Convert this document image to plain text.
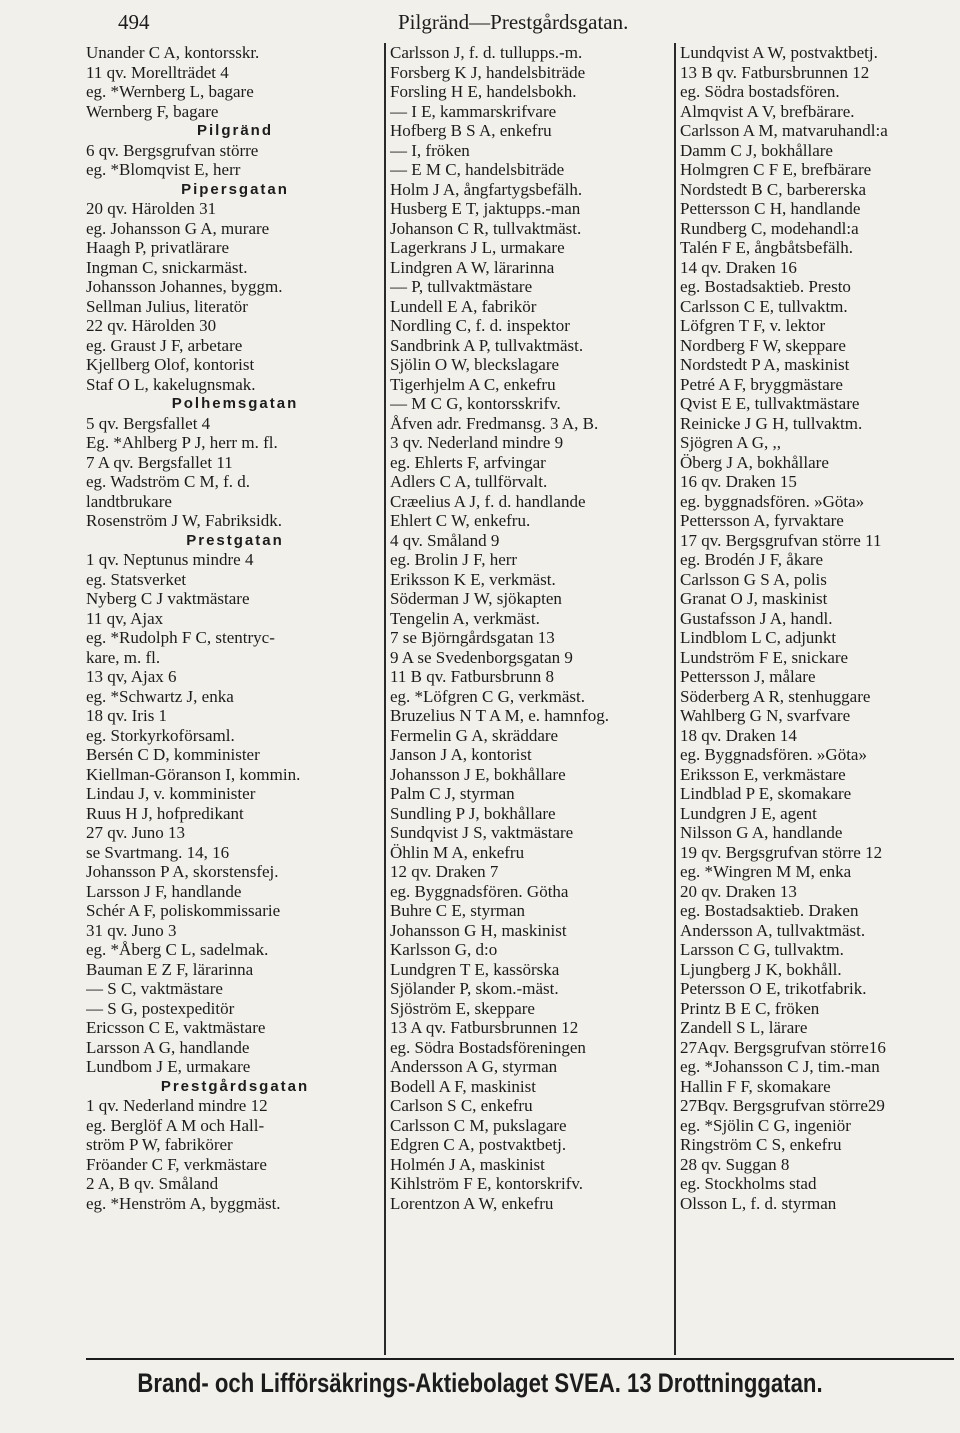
494	Pilgränd—Prestgårdsgatan.
Unander C A, kontorsskr.
11 qv. Morellträdet 4
eg. *Wernberg L, bagare
Wernberg F, bagare
Pilgränd
6 qv. Bergsgrufvan större
eg. *Blomqvist E, herr
Pipersgatan
20 qv. Härolden 31
eg. Johansson G A, murare
Haagh P, privatlärare
Ingman C, snickarmäst.
Johansson Johannes, byggm.
Sellman Julius, literatör
22 qv. Härolden 30
eg. Graust J F, arbetare
Kjellberg Olof, kontorist
Staf O L, kakelugnsmak.
Polhemsgatan
5 qv. Bergsfallet 4
Eg. *Ahlberg P J, herr m. fl.
7 A qv. Bergsfallet 11
eg. Wadström C M, f. d.
landtbrukare
Rosenström J W, Fabriksidk.
Prestgatan
1 qv. Neptunus mindre 4
eg. Statsverket
Nyberg C J vaktmästare
11 qv, Ajax
eg. *Rudolph F C, stentryc-
kare, m. fl.
13 qv, Ajax 6
eg. *Schwartz J, enka
18 qv. Iris 1
eg. Storkyrkoförsaml.
Bersén C D, komminister
Kiellman-Göranson I, kommin.
Lindau J, v. komminister
Ruus H J, hofpredikant
27 qv. Juno 13
se Svartmang. 14, 16
Johansson P A, skorstensfej.
Larsson J F, handlande
Schér A F, poliskommissarie
31 qv. Juno 3
eg. *Åberg C L, sadelmak.
Bauman E Z F, lärarinna
— S C, vaktmästare
— S G, postexpeditör
Ericsson C E, vaktmästare
Larsson A G, handlande
Lundbom J E, urmakare
Prestgårdsgatan
1 qv. Nederland mindre 12
eg. Berglöf A M och Hall-
ström P W, fabrikörer
Fröander C F, verkmästare
2 A, B qv. Småland
eg. *Henström A, byggmäst.
Carlsson J, f. d. tullupps.-m.
Forsberg K J, handelsbiträde
Forsling H E, handelsbokh.
— I E, kammarskrifvare
Hofberg B S A, enkefru
— I, fröken
— E M C, handelsbiträde
Holm J A, ångfartygsbefälh.
Husberg E T, jaktupps.-man
Johanson C R, tullvaktmäst.
Lagerkrans J L, urmakare
Lindgren A W, lärarinna
— P, tullvaktmästare
Lundell E A, fabrikör
Nordling C, f. d. inspektor
Sandbrink A P, tullvaktmäst.
Sjölin O W, bleckslagare
Tigerhjelm A C, enkefru
— M C G, kontorsskrifv.
Åfven adr. Fredmansg. 3 A, B.
3 qv. Nederland mindre 9
eg. Ehlerts F, arfvingar
Adlers C A, tullförvalt.
Cræelius A J, f. d. handlande
Ehlert C W, enkefru.
4 qv. Småland 9
eg. Brolin J F, herr
Eriksson K E, verkmäst.
Söderman J W, sjökapten
Tengelin A, verkmäst.
7 se Björngårdsgatan 13
9 A se Svedenborgsgatan 9
11 B qv. Fatbursbrunn 8
eg. *Löfgren C G, verkmäst.
Bruzelius N T A M, e. hamnfog.
Fermelin G A, skräddare
Janson J A, kontorist
Johansson J E, bokhållare
Palm C J, styrman
Sundling P J, bokhållare
Sundqvist J S, vaktmästare
Öhlin M A, enkefru
12 qv. Draken 7
eg. Byggnadsfören. Götha
Buhre C E, styrman
Johansson G H, maskinist
Karlsson G, d:o
Lundgren T E, kassörska
Sjölander P, skom.-mäst.
Sjöström E, skeppare
13 A qv. Fatbursbrunnen 12
eg. Södra Bostadsföreningen
Andersson A G, styrman
Bodell A F, maskinist
Carlson S C, enkefru
Carlsson C M, pukslagare
Edgren C A, postvaktbetj.
Holmén J A, maskinist
Kihlström F E, kontorskrifv.
Lorentzon A W, enkefru
Lundqvist A W, postvaktbetj.
13 B qv. Fatbursbrunnen 12
eg. Södra bostadsfören.
Almqvist A V, brefbärare.
Carlsson A M, matvaruhandl:a
Damm C J, bokhållare
Holmgren C F E, brefbärare
Nordstedt B C, barbererska
Pettersson C H, handlande
Rundberg C, modehandl:a
Talén F E, ångbåtsbefälh.
14 qv. Draken 16
eg. Bostadsaktieb. Presto
Carlsson C E, tullvaktm.
Löfgren T F, v. lektor
Nordberg F W, skeppare
Nordstedt P A, maskinist
Petré A F, bryggmästare
Qvist E E, tullvaktmästare
Reinicke J G H, tullvaktm.
Sjögren A G, ,,
Öberg J A, bokhållare
16 qv. Draken 15
eg. byggnadsfören. »Göta»
Pettersson A, fyrvaktare
17 qv. Bergsgrufvan större 11
eg. Brodén J F, åkare
Carlsson G S A, polis
Granat O J, maskinist
Gustafsson J A, handl.
Lindblom L C, adjunkt
Lundström F E, snickare
Pettersson J, målare
Söderberg A R, stenhuggare
Wahlberg G N, svarfvare
18 qv. Draken 14
eg. Byggnadsfören. »Göta»
Eriksson E, verkmästare
Lindblad P E, skomakare
Lundgren J E, agent
Nilsson G A, handlande
19 qv. Bergsgrufvan större 12
eg. *Wingren M M, enka
20 qv. Draken 13
eg. Bostadsaktieb. Draken
Andersson A, tullvaktmäst.
Larsson C G, tullvaktm.
Ljungberg J K, bokhåll.
Petersson O E, trikotfabrik.
Printz B E C, fröken
Zandell S L, lärare
27Aqv. Bergsgrufvan större16
eg. *Johansson C J, tim.-man
Hallin F F, skomakare
27Bqv. Bergsgrufvan större29
eg. *Sjölin C G, ingeniör
Ringström C S, enkefru
28 qv. Suggan 8
eg. Stockholms stad
Olsson L, f. d. styrman
Brand- och Lifförsäkrings-Aktiebolaget SVEA. 13 Drottninggatan.
